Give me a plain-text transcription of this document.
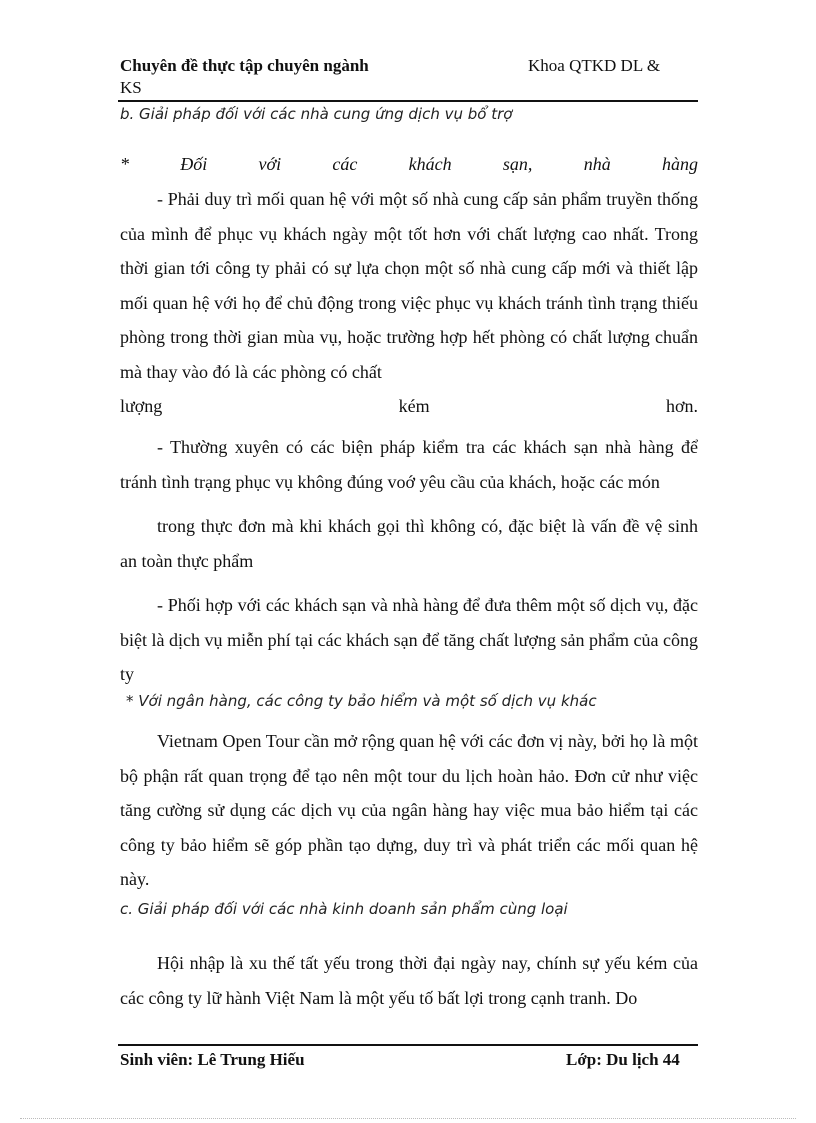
Chuyên đề thực tập chuyên ngành	Khoa QTKD DL &
KS
b. Giải pháp đối với các nhà cung ứng dịch vụ bổ trợ
*	Đối	với	các	khách	sạn,	nhà	hàng

- Phải duy trì mối quan hệ với một số nhà cung cấp sản phẩm truyền thống của mình để phục vụ khách ngày một tốt hơn với chất lượng cao nhất. Trong thời gian tới công ty phải có sự lựa chọn một số nhà cung cấp mới và thiết lập mối quan hệ với họ để chủ động trong việc phục vụ khách tránh tình trạng thiếu phòng trong thời gian mùa vụ, hoặc trường hợp hết phòng có chất lượng chuẩn mà thay vào đó là các phòng có chất

lượng	kém	hơn.

- Thường xuyên có các biện pháp kiểm tra các khách sạn nhà hàng để tránh tình trạng phục vụ không đúng voớ yêu cầu của khách, hoặc các món

trong thực đơn mà khi khách gọi thì không có, đặc biệt là vấn đề vệ sinh an toàn thực phẩm

- Phối hợp với các khách sạn và nhà hàng để đưa thêm một số dịch vụ, đặc biệt là dịch vụ miễn phí tại các khách sạn để tăng chất lượng sản phẩm của công ty

* Với ngân hàng, các công ty bảo hiểm và một số dịch vụ khác

Vietnam Open Tour cần mở rộng quan hệ với các đơn vị này, bởi họ là một bộ phận rất quan trọng để tạo nên một tour du lịch hoàn hảo. Đơn cử như việc tăng cường sử dụng các dịch vụ của ngân hàng hay việc mua bảo hiểm tại các công ty bảo hiểm sẽ góp phần tạo dựng, duy trì và phát triển các mối quan hệ này.

c. Giải pháp đối với các nhà kinh doanh sản phẩm cùng loại

Hội nhập là xu thế tất yếu trong thời đại ngày nay, chính sự yếu kém của các công ty lữ hành Việt Nam là một yếu tố bất lợi trong cạnh tranh. Do

Sinh viên: Lê Trung Hiếu	Lớp: Du lịch 44
